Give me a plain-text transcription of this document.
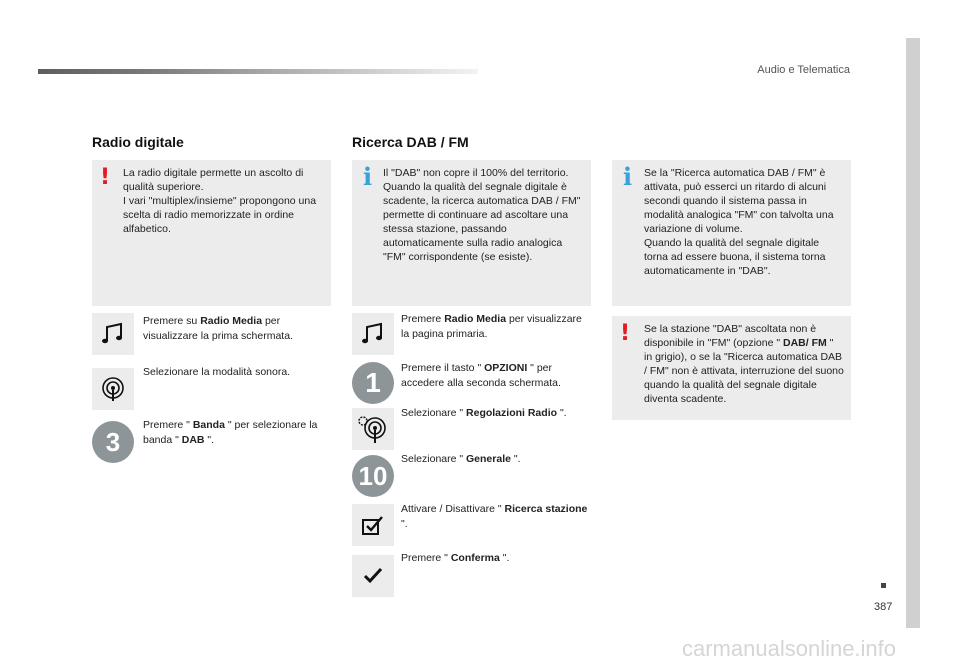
Audio e Telematica
387
Radio digitale
! La radio digitale permette un ascolto di qualità superiore.
I vari "multiplex/insieme" propongono una scelta di radio memorizzate in ordine alfabetico.
Premere su Radio Media per visualizzare la prima schermata.
Selezionare la modalità sonora.
3
Premere " Banda " per selezionare la banda " DAB ".
Ricerca DAB / FM
i Il "DAB" non copre il 100% del territorio.
Quando la qualità del segnale digitale è scadente, la ricerca automatica DAB / FM" permette di continuare ad ascoltare una stessa stazione, passando automaticamente sulla radio analogica "FM" corrispondente (se esiste).
Premere Radio Media per visualizzare la pagina primaria.
1	Premere il tasto " OPZIONI " per accedere alla seconda schermata.
Selezionare " Regolazioni Radio ".
10
Selezionare " Generale ".
Attivare / Disattivare " Ricerca stazione ".
Premere " Conferma ".
i Se la "Ricerca automatica DAB / FM" è attivata, può esserci un ritardo di alcuni secondi quando il sistema passa in modalità analogica "FM" con talvolta una variazione di volume.
Quando la qualità del segnale digitale torna ad essere buona, il sistema torna automaticamente in "DAB".
! Se la stazione "DAB" ascoltata non è disponibile in "FM" (opzione " DAB/ FM " in grigio), o se la "Ricerca automatica DAB / FM" non è attivata, interruzione del suono quando la qualità del segnale digitale diventa scadente.
carmanualsonline.info
